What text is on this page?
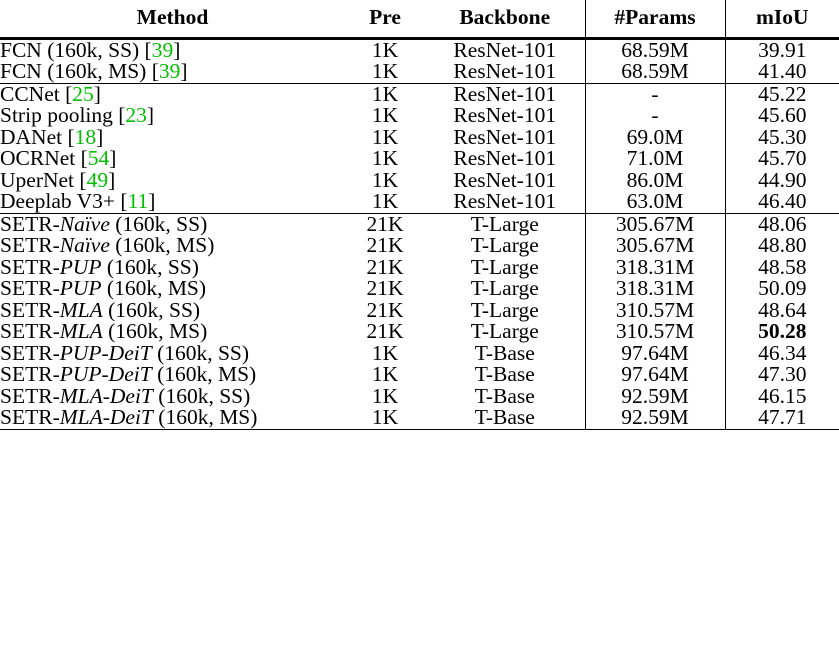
Method	Pre	Backbone	#Params	mIoU
FCN (160k, SS) [39]	1K	ResNet-101	68.59M	39.91
FCN (160k, MS) [39]	1K	ResNet-101	68.59M	41.40
CCNet [25]	1K	ResNet-101	-	45.22
Strip pooling [23]	1K	ResNet-101	-	45.60
DANet [18]	1K	ResNet-101	69.0M	45.30
OCRNet [54]	1K	ResNet-101	71.0M	45.70
UperNet [49]	1K	ResNet-101	86.0M	44.90
Deeplab V3+ [11]	1K	ResNet-101	63.0M	46.40
SETR-Naïve (160k, SS)	21K	T-Large	305.67M	48.06
SETR-Naïve (160k, MS)	21K	T-Large	305.67M	48.80
SETR-PUP (160k, SS)	21K	T-Large	318.31M	48.58
SETR-PUP (160k, MS)	21K	T-Large	318.31M	50.09
SETR-MLA (160k, SS)	21K	T-Large	310.57M	48.64
SETR-MLA (160k, MS)	21K	T-Large	310.57M	50.28
SETR-PUP-DeiT (160k, SS)	1K	T-Base	97.64M	46.34
SETR-PUP-DeiT (160k, MS)	1K	T-Base	97.64M	47.30
SETR-MLA-DeiT (160k, SS)	1K	T-Base	92.59M	46.15
SETR-MLA-DeiT (160k, MS)	1K	T-Base	92.59M	47.71
